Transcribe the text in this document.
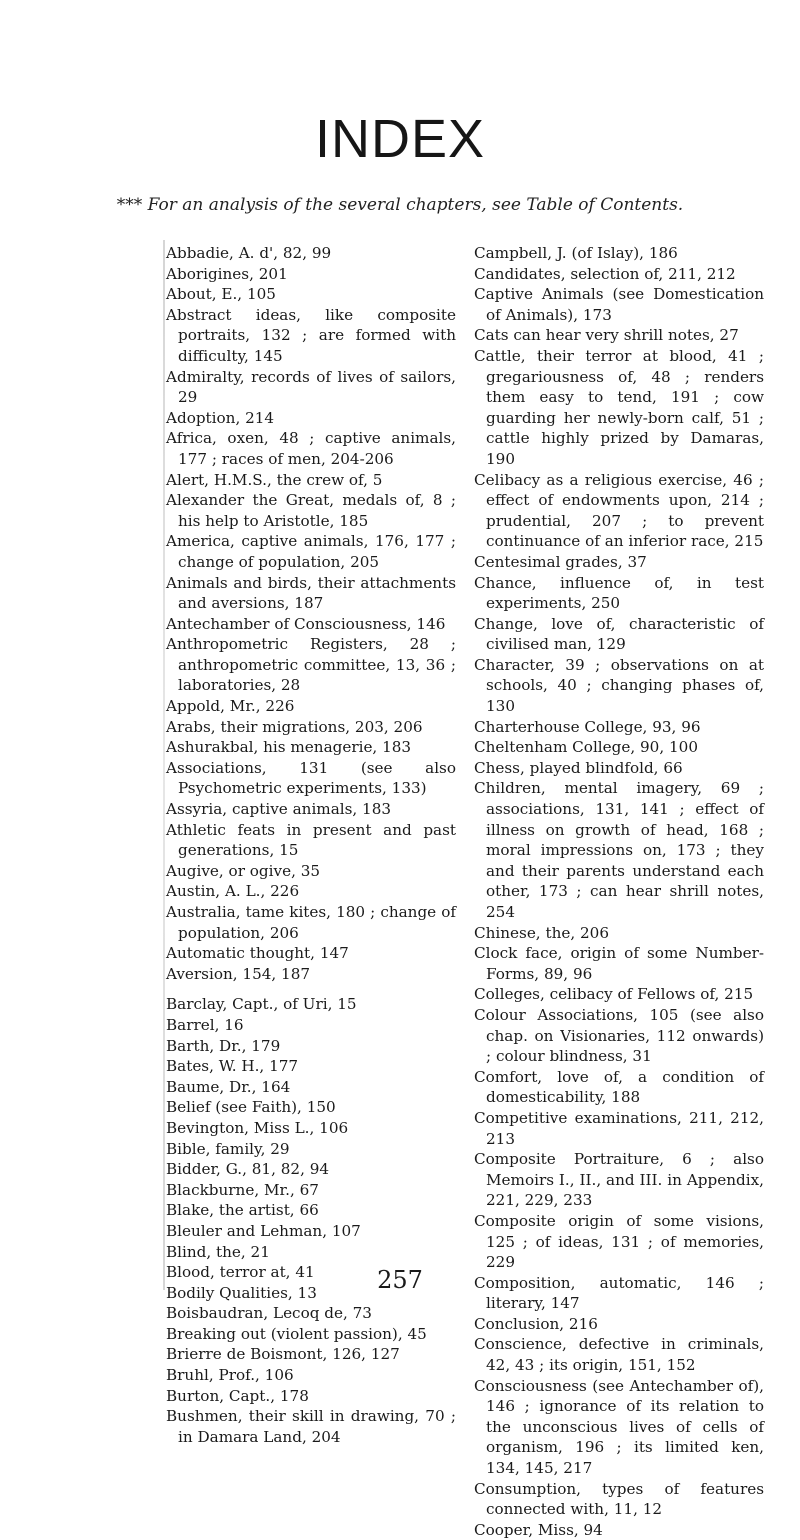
INDEX
*** For an analysis of the several chapters, see Table of Contents.
Abbadie, A. d', 82, 99
Aborigines, 201
About, E., 105
Abstract ideas, like composite portraits, 132 ; are formed with difficulty, 145
Admiralty, records of lives of sailors, 29
Adoption, 214
Africa, oxen, 48 ; captive animals, 177 ; races of men, 204-206
Alert, H.M.S., the crew of, 5
Alexander the Great, medals of, 8 ; his help to Aristotle, 185
America, captive animals, 176, 177 ; change of population, 205
Animals and birds, their attachments and aversions, 187
Antechamber of Consciousness, 146
Anthropometric Registers, 28 ; anthropometric committee, 13, 36 ; laboratories, 28
Appold, Mr., 226
Arabs, their migrations, 203, 206
Ashurakbal, his menagerie, 183
Associations, 131 (see also Psychometric experiments, 133)
Assyria, captive animals, 183
Athletic feats in present and past generations, 15
Augive, or ogive, 35
Austin, A. L., 226
Australia, tame kites, 180 ; change of population, 206
Automatic thought, 147
Aversion, 154, 187
Barclay, Capt., of Uri, 15
Barrel, 16
Barth, Dr., 179
Bates, W. H., 177
Baume, Dr., 164
Belief (see Faith), 150
Bevington, Miss L., 106
Bible, family, 29
Bidder, G., 81, 82, 94
Blackburne, Mr., 67
Blake, the artist, 66
Bleuler and Lehman, 107
Blind, the, 21
Blood, terror at, 41
Bodily Qualities, 13
Boisbaudran, Lecoq de, 73
Breaking out (violent passion), 45
Brierre de Boismont, 126, 127
Bruhl, Prof., 106
Burton, Capt., 178
Bushmen, their skill in drawing, 70 ; in Damara Land, 204
Campbell, J. (of Islay), 186
Candidates, selection of, 211, 212
Captive Animals (see Domestication of Animals), 173
Cats can hear very shrill notes, 27
Cattle, their terror at blood, 41 ; gregariousness of, 48 ; renders them easy to tend, 191 ; cow guarding her newly-born calf, 51 ; cattle highly prized by Damaras, 190
Celibacy as a religious exercise, 46 ; effect of endowments upon, 214 ; prudential, 207 ; to prevent continuance of an inferior race, 215
Centesimal grades, 37
Chance, influence of, in test experiments, 250
Change, love of, characteristic of civilised man, 129
Character, 39 ; observations on at schools, 40 ; changing phases of, 130
Charterhouse College, 93, 96
Cheltenham College, 90, 100
Chess, played blindfold, 66
Children, mental imagery, 69 ; associations, 131, 141 ; effect of illness on growth of head, 168 ; moral impressions on, 173 ; they and their parents understand each other, 173 ; can hear shrill notes, 254
Chinese, the, 206
Clock face, origin of some Number-Forms, 89, 96
Colleges, celibacy of Fellows of, 215
Colour Associations, 105 (see also chap. on Visionaries, 112 onwards) ; colour blindness, 31
Comfort, love of, a condition of domesticability, 188
Competitive examinations, 211, 212, 213
Composite Portraiture, 6 ; also Memoirs I., II., and III. in Appendix, 221, 229, 233
Composite origin of some visions, 125 ; of ideas, 131 ; of memories, 229
Composition, automatic, 146 ; literary, 147
Conclusion, 216
Conscience, defective in criminals, 42, 43 ; its origin, 151, 152
Consciousness (see Antechamber of), 146 ; ignorance of its relation to the unconscious lives of cells of organism, 196 ; its limited ken, 134, 145, 217
Consumption, types of features connected with, 11, 12
Cooper, Miss, 94
257
